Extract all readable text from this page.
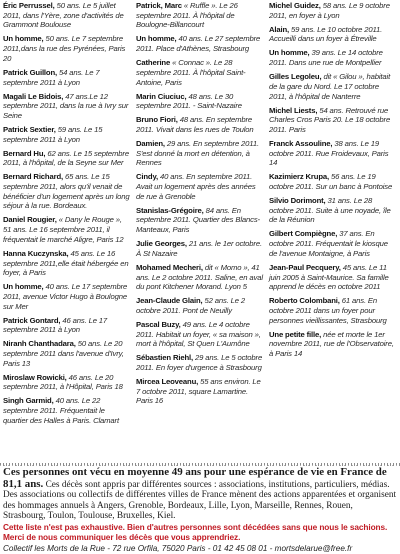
Éric Perrussel, 50 ans. Le 5 juillet 2011, dans l'Yère, zone d'activités de Grammont Boulouse

Un homme, 50 ans. Le 7 septembre 2011,dans la rue des Pyrénées, Paris 20

Patrick Guillon, 54 ans. Le 7 septembre 2011 à Lyon

Magali Le Bidois, 47 ans.Le 12 septembre 2011, dans la rue à Ivry sur Seine

Patrick Sextier, 59 ans. Le 15 septembre 2011 à Lyon

Bernard Hu, 62 ans. Le 15 septembre 2011, à l'hôpital, de la Seyne sur Mer

Bernard Richard, 65 ans. Le 15 septembre 2011, alors qu'il venait de bénéficier d'un logement après un long séjour à la rue. Bordeaux.

Daniel Rougier, « Dany le Rouge », 51 ans. Le 16 septembre 2011, il fréquentait le marché Aligre, Paris 12

Hanna Kuczynska, 45 ans. Le 16 septembre 2011,elle était hébergée en foyer, à Paris

Un homme, 40 ans. Le 17 septembre 2011, avenue Victor Hugo à Boulogne sur Mer

Patrick Gontard, 46 ans. Le 17 septembre 2011 à Lyon

Niranh Chanthadara, 50 ans. Le 20 septembre 2011 dans l'avenue d'Ivry, Paris 13

Miroslaw Rowicki, 46 ans. Le 20 septembre 2011, à l'Hôpital, Paris 18

Singh Garmid, 40 ans. Le 22 septembre 2011. Fréquentait le quartier des Halles à Paris. Clamart

Patrick, Marc « Ruffle ». Le 26 septembre 2011. À l'hôpital de Boulogne-Billancourt

Un homme, 40 ans. Le 27 septembre 2011. Place d'Athènes, Strasbourg

Catherine « Connac ». Le 28 septembre 2011. À l'hôpital Saint-Antoine, Paris

Marin Ciuciuc, 48 ans. Le 30 septembre 2011. - Saint-Nazaire

Bruno Fiori, 48 ans. En septembre 2011. Vivait dans les rues de Toulon

Damien, 29 ans. En septembre 2011. S'est donné la mort en détention, à Rennes

Cindy, 40 ans. En septembre 2011. Avait un logement après des années de rue à Grenoble

Stanislas-Grégoire, 84 ans. En septembre 2011. Quartier des Blancs-Manteaux, Paris

Julie Georges, 21 ans. le 1er octobre. À St Nazaire

Mohamed Mecheri, dit « Momo », 41 ans. Le 2 octobre 2011. Saline, en aval du pont Kitchener Morand. Lyon 5

Jean-Claude Glain, 52 ans. Le 2 octobre 2011. Pont de Neuilly

Pascal Buzy, 49 ans. Le 4 octobre 2011. Habitait un foyer, « sa maison », mort à l'hôpital, St Quen L'Aumône

Sébastien Riehl, 29 ans. Le 5 octobre 2011. En foyer d'urgence à Strasbourg

Mircea Leoveanu, 55 ans environ. Le 7 octobre 2011, square Lamartine. Paris 16

Michel Guidez, 58 ans. Le 9 octobre 2011, en foyer à Lyon

Alain, 59 ans. Le 10 octobre 2011. Accueilli dans un foyer à Étreville

Un homme, 39 ans. Le 14 octobre 2011. Dans une rue de Montpellier

Gilles Legoleu, dit « Gilou », habitait de la gare du Nord. Le 17 octobre 2011, à l'hôpital de Nanterre

Michel Liests, 54 ans. Retrouvé rue Charles Cros Paris 20. Le 18 octobre 2011. Paris

Franck Assouline, 38 ans. Le 19 octobre 2011. Rue Froidevaux, Paris 14

Kazimierz Krupa, 56 ans. Le 19 octobre 2011. Sur un banc à Pontoise

Silvio Dorimont, 31 ans. Le 28 octobre 2011. Suite à une noyade, île de la Réunion

Gilbert Compiègne, 37 ans. En octobre 2011. Fréquentait le kiosque de l'avenue Montaigne, à Paris

Jean-Paul Pecquery, 45 ans. Le 11 juin 2005 à Saint-Maurice. Sa famille apprend le décès en octobre 2011

Roberto Colombani, 61 ans. En octobre 2011 dans un foyer pour personnes vieillissantes, Strasbourg

Une petite fille, née et morte le 1er novembre 2011, rue de l'Observatoire, à Paris 14

Ces personnes ont vécu en moyenne 49 ans pour une espérance de vie en France de 81,1 ans. Ces décès sont appris par différentes sources : associations, institutions, particuliers, médias. Des associations ou collectifs de différentes villes de France mènent des actions apparentées et organisent des hommages annuels à Angers, Grenoble, Bordeaux, Lille, Lyon, Marseille, Rennes, Rouen, Strasbourg, Toulon, Toulouse, Bruxelles, Kiel.

Cette liste n'est pas exhaustive. Bien d'autres personnes sont décédées sans que nous le sachions. Merci de nous communiquer les décès que vous apprendriez.

Collectif les Morts de la Rue - 72 rue Orfila, 75020 Paris - 01 42 45 08 01 - mortsdelarue@free.fr
